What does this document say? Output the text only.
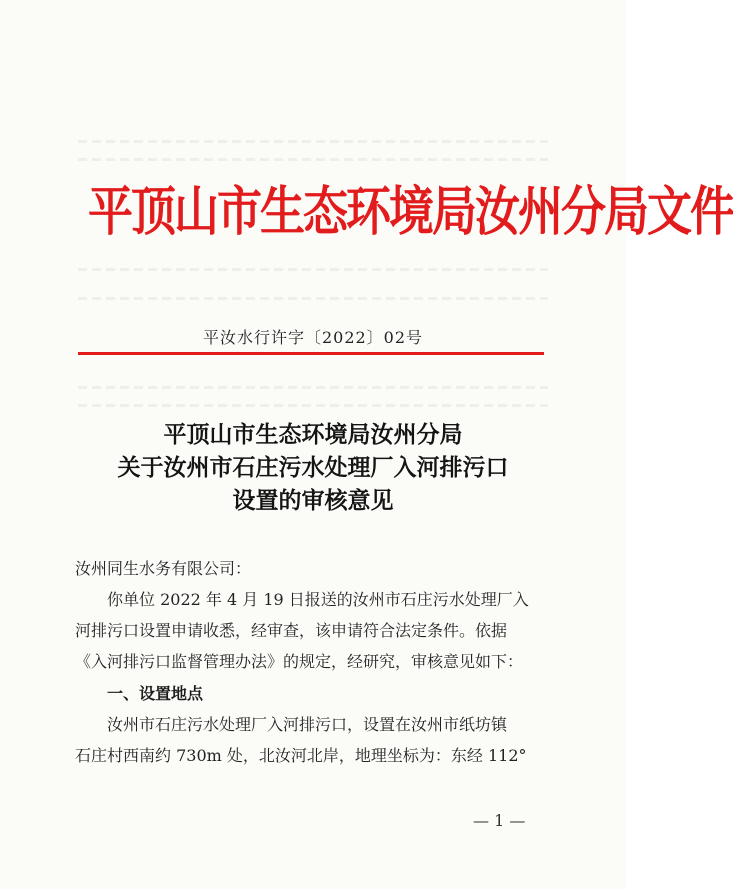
平顶山市生态环境局汝州分局文件
平汝水行许字〔2022〕02号
平顶山市生态环境局汝州分局
关于汝州市石庄污水处理厂入河排污口
设置的审核意见
汝州同生水务有限公司：
你单位 2022 年 4 月 19 日报送的汝州市石庄污水处理厂入
河排污口设置申请收悉，经审查，该申请符合法定条件。依据
《入河排污口监督管理办法》的规定，经研究，审核意见如下：
一、设置地点
汝州市石庄污水处理厂入河排污口，设置在汝州市纸坊镇
石庄村西南约 730m 处，北汝河北岸，地理坐标为：东经 112°
— 1 —
